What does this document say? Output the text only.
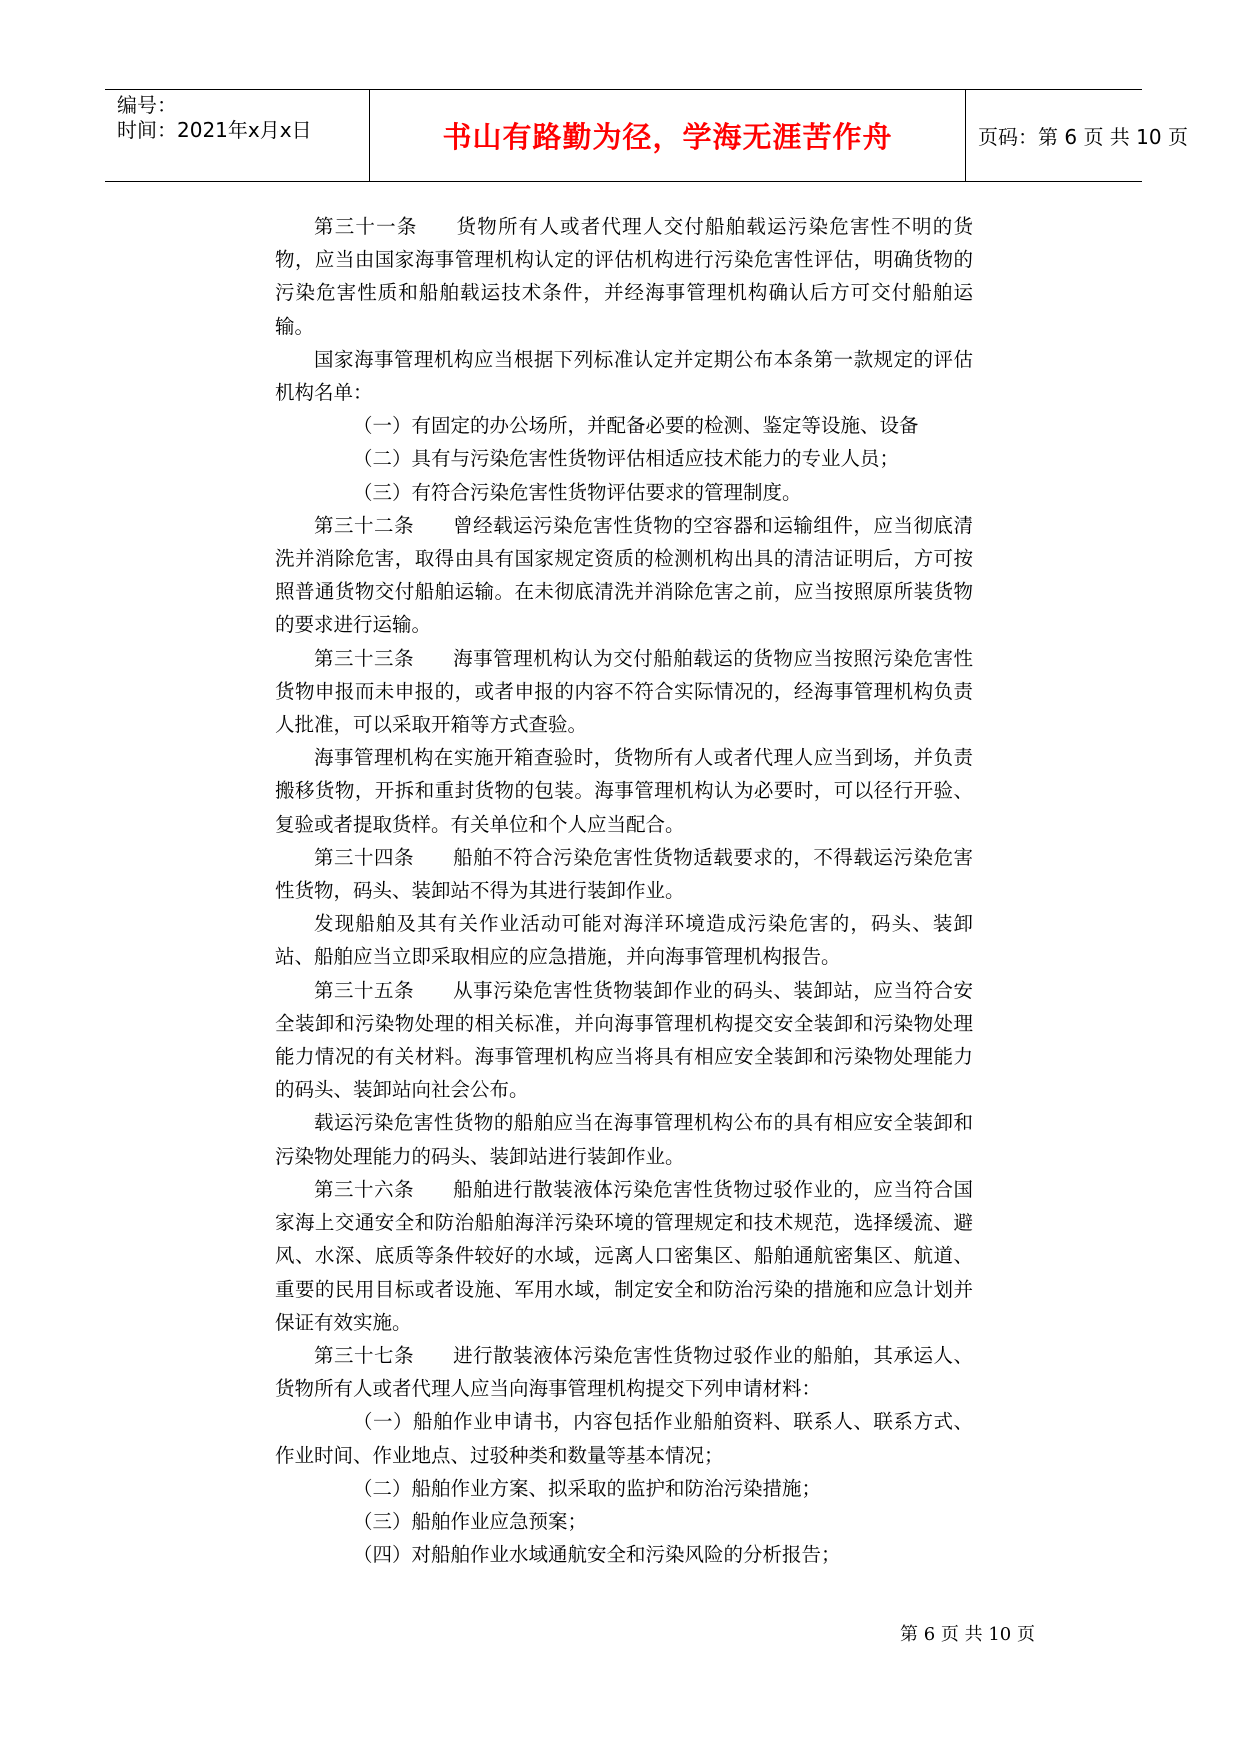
编号：
时间：2021年x月x日	书山有路勤为径，学海无涯苦作舟	页码：第 6 页 共 10 页

第三十一条 货物所有人或者代理人交付船舶载运污染危害性不明的货物，应当由国家海事管理机构认定的评估机构进行污染危害性评估，明确货物的污染危害性质和船舶载运技术条件，并经海事管理机构确认后方可交付船舶运输。

国家海事管理机构应当根据下列标准认定并定期公布本条第一款规定的评估机构名单：

（一）有固定的办公场所，并配备必要的检测、鉴定等设施、设备

（二）具有与污染危害性货物评估相适应技术能力的专业人员；

（三）有符合污染危害性货物评估要求的管理制度。

第三十二条 曾经载运污染危害性货物的空容器和运输组件，应当彻底清洗并消除危害，取得由具有国家规定资质的检测机构出具的清洁证明后，方可按照普通货物交付船舶运输。在未彻底清洗并消除危害之前，应当按照原所装货物的要求进行运输。

第三十三条 海事管理机构认为交付船舶载运的货物应当按照污染危害性货物申报而未申报的，或者申报的内容不符合实际情况的，经海事管理机构负责人批准，可以采取开箱等方式查验。

海事管理机构在实施开箱查验时，货物所有人或者代理人应当到场，并负责搬移货物，开拆和重封货物的包装。海事管理机构认为必要时，可以径行开验、复验或者提取货样。有关单位和个人应当配合。

第三十四条 船舶不符合污染危害性货物适载要求的，不得载运污染危害性货物，码头、装卸站不得为其进行装卸作业。

发现船舶及其有关作业活动可能对海洋环境造成污染危害的，码头、装卸站、船舶应当立即采取相应的应急措施，并向海事管理机构报告。

第三十五条 从事污染危害性货物装卸作业的码头、装卸站，应当符合安全装卸和污染物处理的相关标准，并向海事管理机构提交安全装卸和污染物处理能力情况的有关材料。海事管理机构应当将具有相应安全装卸和污染物处理能力的码头、装卸站向社会公布。

载运污染危害性货物的船舶应当在海事管理机构公布的具有相应安全装卸和污染物处理能力的码头、装卸站进行装卸作业。

第三十六条 船舶进行散装液体污染危害性货物过驳作业的，应当符合国家海上交通安全和防治船舶海洋污染环境的管理规定和技术规范，选择缓流、避风、水深、底质等条件较好的水域，远离人口密集区、船舶通航密集区、航道、重要的民用目标或者设施、军用水域，制定安全和防治污染的措施和应急计划并保证有效实施。

第三十七条 进行散装液体污染危害性货物过驳作业的船舶，其承运人、货物所有人或者代理人应当向海事管理机构提交下列申请材料：

（一）船舶作业申请书，内容包括作业船舶资料、联系人、联系方式、作业时间、作业地点、过驳种类和数量等基本情况；

（二）船舶作业方案、拟采取的监护和防治污染措施；

（三）船舶作业应急预案；

（四）对船舶作业水域通航安全和污染风险的分析报告；

第 6 页 共 10 页
